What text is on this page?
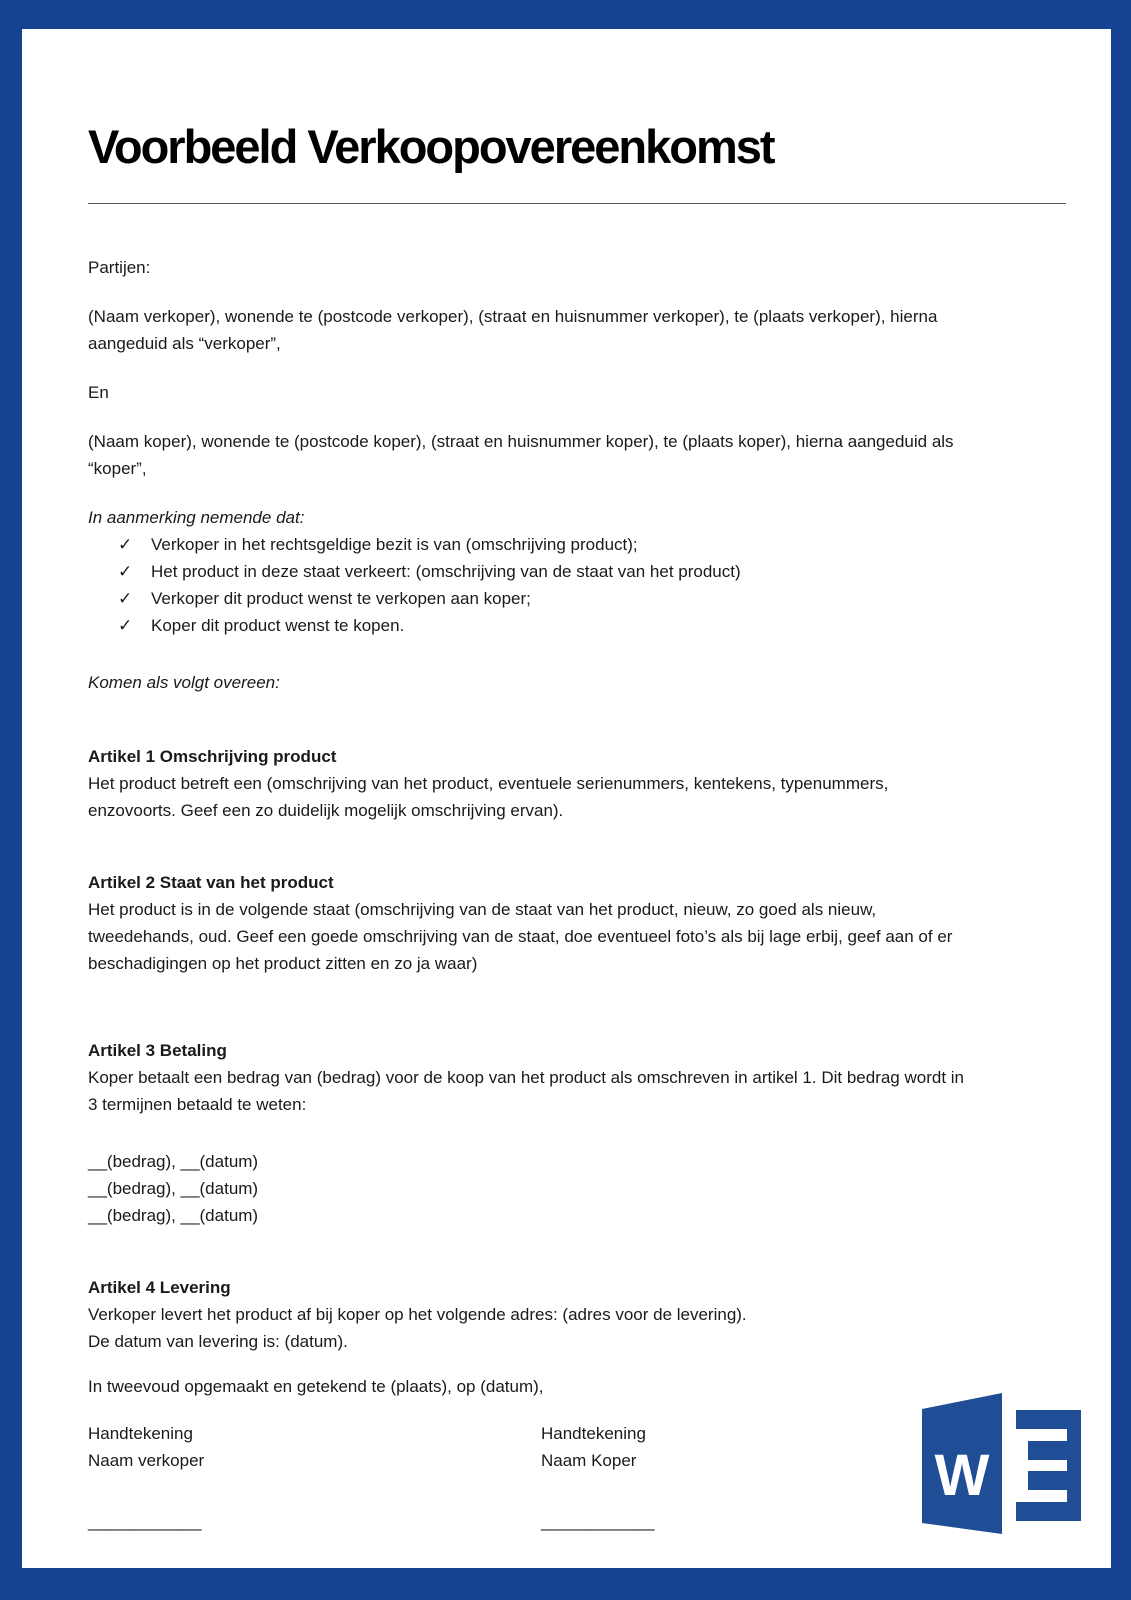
Voorbeeld Verkoopovereenkomst

Partijen:

(Naam verkoper), wonende te (postcode verkoper), (straat en huisnummer verkoper), te (plaats verkoper), hierna
aangeduid als “verkoper”,

En

(Naam koper), wonende te (postcode koper), (straat en huisnummer koper), te (plaats koper), hierna aangeduid als
“koper”,

In aanmerking nemende dat:

✓ Verkoper in het rechtsgeldige bezit is van (omschrijving product);
✓ Het product in deze staat verkeert: (omschrijving van de staat van het product)
✓ Verkoper dit product wenst te verkopen aan koper;
✓ Koper dit product wenst te kopen.

Komen als volgt overeen:

Artikel 1 Omschrijving product

Het product betreft een (omschrijving van het product, eventuele serienummers, kentekens, typenummers,
enzovoorts. Geef een zo duidelijk mogelijk omschrijving ervan).

Artikel 2 Staat van het product

Het product is in de volgende staat (omschrijving van de staat van het product, nieuw, zo goed als nieuw,
tweedehands, oud. Geef een goede omschrijving van de staat, doe eventueel foto’s als bij lage erbij, geef aan of er
beschadigingen op het product zitten en zo ja waar)

Artikel 3 Betaling

Koper betaalt een bedrag van (bedrag) voor de koop van het product als omschreven in artikel 1. Dit bedrag wordt in
3 termijnen betaald te weten:
__(bedrag), __(datum)
__(bedrag), __(datum)
__(bedrag), __(datum)

Artikel 4 Levering

Verkoper levert het product af bij koper op het volgende adres: (adres voor de levering).
De datum van levering is: (datum).

In tweevoud opgemaakt en getekend te (plaats), op (datum),

Handtekening
Naam verkoper
____________
Handtekening
Naam Koper
____________
W
